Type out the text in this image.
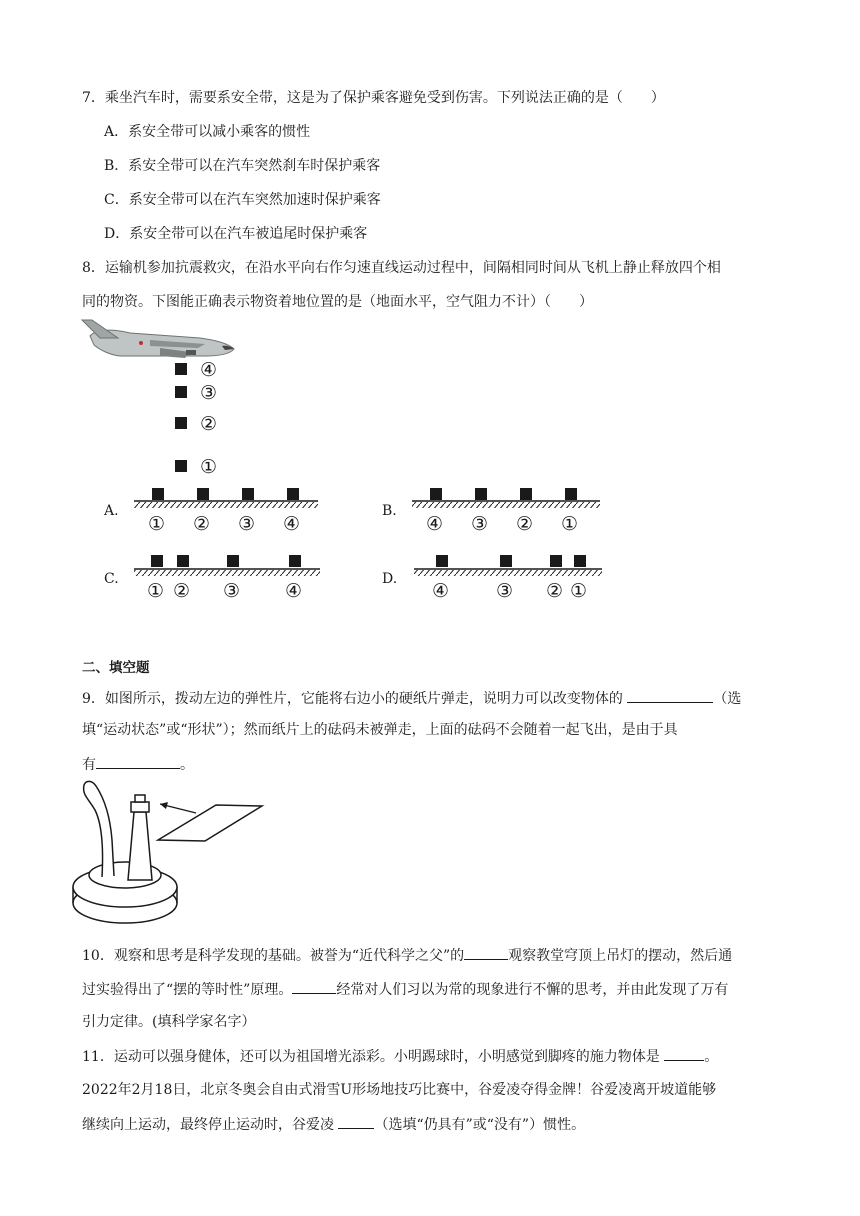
7．乘坐汽车时，需要系安全带，这是为了保护乘客避免受到伤害。下列说法正确的是（　　）
A．系安全带可以减小乘客的惯性
B．系安全带可以在汽车突然刹车时保护乘客
C．系安全带可以在汽车突然加速时保护乘客
D．系安全带可以在汽车被追尾时保护乘客
8．运输机参加抗震救灾，在沿水平向右作匀速直线运动过程中，间隔相同时间从飞机上静止释放四个相
同的物资。下图能正确表示物资着地位置的是（地面水平，空气阻力不计）（　　）
④
③
②
①
A.
① ② ③ ④
B.
④ ③ ② ①
C.
① ② ③ ④
D.
④ ③ ② ①
二、填空题
9．如图所示，拨动左边的弹性片，它能将右边小的硬纸片弹走，说明力可以改变物体的	（选
填“运动状态”或“形状”）；然而纸片上的砝码未被弹走，上面的砝码不会随着一起飞出，是由于具
有	。
10．观察和思考是科学发现的基础。被誉为“近代科学之父”的	观察教堂穹顶上吊灯的摆动，然后通
过实验得出了“摆的等时性”原理。	经常对人们习以为常的现象进行不懈的思考，并由此发现了万有
引力定律。(填科学家名字）
11．运动可以强身健体，还可以为祖国增光添彩。小明踢球时，小明感觉到脚疼的施力物体是	。
2022年2月18日，北京冬奥会自由式滑雪U形场地技巧比赛中，谷爱凌夺得金牌！谷爱凌离开坡道能够
继续向上运动，最终停止运动时，谷爱凌	（选填“仍具有”或“没有”）惯性。
